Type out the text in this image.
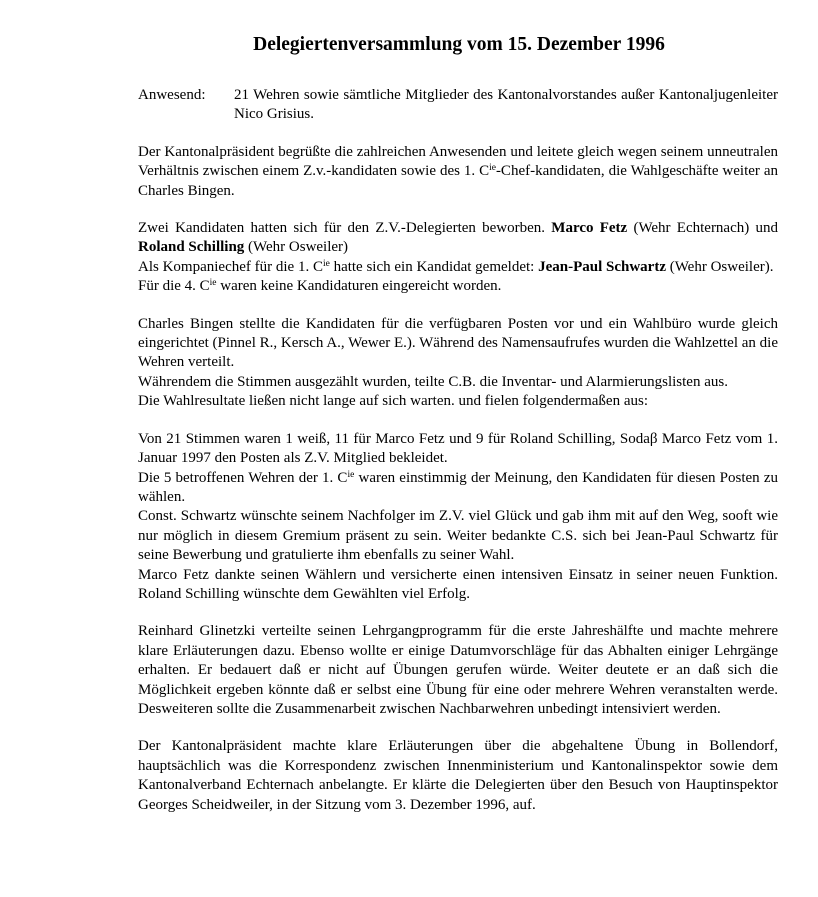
Delegiertenversammlung vom 15. Dezember 1996
Anwesend:	21 Wehren sowie sämtliche Mitglieder des Kantonalvorstandes außer Kantonaljugenleiter Nico Grisius.

Der Kantonalpräsident begrüßte die zahlreichen Anwesenden und leitete gleich wegen seinem unneutralen Verhältnis zwischen einem Z.v.-kandidaten sowie des 1. $C^{ie}-Chef$-kandidaten, die Wahlgeschäfte weiter an Charles Bingen.

Zwei Kandidaten hatten sich für den Z.V.-Delegierten beworben. Marco Fetz (Wehr Echternach) und Roland Schilling (Wehr Osweiler)

Als Kompaniechef für die 1. $C^{ie}$ hatte sich ein Kandidat gemeldet: Jean-Paul Schwartz (Wehr Osweiler).

Für die 4. $C^{ie}$ waren keine Kandidaturen eingereicht worden.

Charles Bingen stellte die Kandidaten für die verfügbaren Posten vor und ein Wahlbüro wurde gleich eingerichtet (Pinnel R., Kersch A., Wewer E.). Während des Namensaufrufes wurden die Wahlzettel an die Wehren verteilt.

Währendem die Stimmen ausgezählt wurden, teilte C.B. die Inventar- und Alarmierungslisten aus.

Die Wahlresultate ließen nicht lange auf sich warten. und fielen folgendermaßen aus:

Von 21 Stimmen waren 1 weiß, 11 für Marco Fetz und 9 für Roland Schilling, Sodaβ Marco Fetz vom 1. Januar 1997 den Posten als Z.V. Mitglied bekleidet.

Die 5 betroffenen Wehren der 1. $C^{ie}$ waren einstimmig der Meinung, den Kandidaten für diesen Posten zu wählen.

Const. Schwartz wünschte seinem Nachfolger im Z.V. viel Glück und gab ihm mit auf den Weg, sooft wie nur möglich in diesem Gremium präsent zu sein. Weiter bedankte C.S. sich bei Jean-Paul Schwartz für seine Bewerbung und gratulierte ihm ebenfalls zu seiner Wahl.

Marco Fetz dankte seinen Wählern und versicherte einen intensiven Einsatz in seiner neuen Funktion. Roland Schilling wünschte dem Gewählten viel Erfolg.

Reinhard Glinetzki verteilte seinen Lehrgangprogramm für die erste Jahreshälfte und machte mehrere klare Erläuterungen dazu. Ebenso wollte er einige Datumvorschläge für das Abhalten einiger Lehrgänge erhalten. Er bedauert daß er nicht auf Übungen gerufen würde. Weiter deutete er an daß sich die Möglichkeit ergeben könnte daß er selbst eine Übung für eine oder mehrere Wehren veranstalten werde. Desweiteren sollte die Zusammenarbeit zwischen Nachbarwehren unbedingt intensiviert werden.

Der Kantonalpräsident machte klare Erläuterungen über die abgehaltene Übung in Bollendorf, hauptsächlich was die Korrespondenz zwischen Innenministerium und Kantonalinspektor sowie dem Kantonalverband Echternach anbelangte. Er klärte die Delegierten über den Besuch von Hauptinspektor Georges Scheidweiler, in der Sitzung vom 3. Dezember 1996, auf.
